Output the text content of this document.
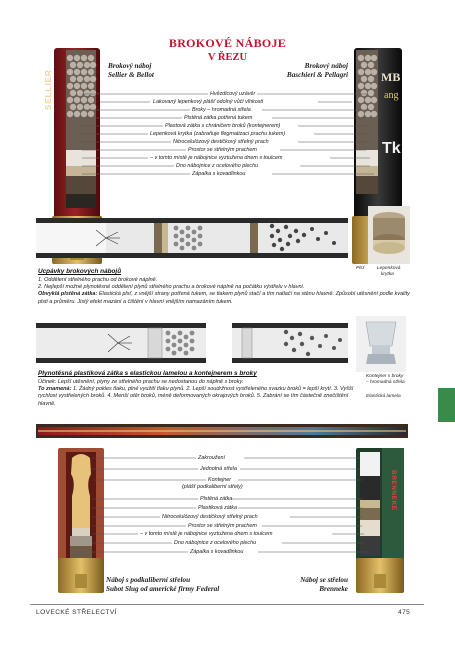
BROKOVÉ NÁBOJE
V ŘEZU
SELLIER	MB
ang
Tk
Brokový náboj
Sellier & Bellot
Brokový náboj
Baschieri & Pellagri
Hvězdicový uzávěr
Lakovaný lepenkový plášť odolný vůči vlhkosti
Broky – hromadná střela
Plstěná zátka potřená tukem
Plastová zátka s chráničem broků (kontejnerem)
Lepenková krytka (zabraňuje flegmatizaci prachu tukem)
Nitrocelulózový destičkový střelný prach
Prostor se střelným prachem
– v tomto místě je nábojnice vyztužena dnem s toulcem
Dno nábojnice z ocelového plechu
Zápalka s kovadlinkou
Plsť	Lepenková
krytka
Ucpávky brokových nábojů
1. Oddělení střelného prachu od brokové náplně.
2. Nejlepší možné plynotěsné oddělení plynů střelného prachu a brokové náplně na počátku výstřelu v hlavni.
Obvyklá plstěná zátka: Elastická plsť, z vnější strany potřená tukem, se tlakem plynů stačí a tím natlačí na stěnu hlavně. Způsobí utěsnění podle kvality plsti a průměru. Jistý efekt mazání a čištění v hlavní vnějším namazáním tukem.
Kontejner s broky
– hromadná střela
Elastická lamela
Plynotěsná plastiková zátka s elastickou lamelou a kontejnerem s broky
Účinek: Lepší utěsnění, plyny ze střelného prachu se nedostanou do náplně s broky.
To znamená: 1. Žádný pokles tlaku, plné využití tlaku plynů. 2. Lepší soudržnost vystřeleného svazku broků = lepší krytí. 3. Vyšší rychlost vystřelených broků. 4. Menší otěr broků, méně deformovaných okrajových broků. 5. Zabrání se tím částečně znečištění hlavně.
BRENNEKE
Zakroužení
Jednotná střela
Kontejner
(plášť podkaliberní střely)
Plstěná zátka
Plastiková zátka
Nitrocelulózový destičkový střelný prach
Prostor se střelným prachem
– v tomto místě je nábojnice vyztužena dnem s toulcem
Dno nábojnice z ocelového plechu
Zápalka s kovadlinkou
Náboj s podkaliberní střelou
Subot Slug od americké firmy Federal
Náboj se střelou
Brenneke
LOVECKÉ STŘELECTVÍ	475
